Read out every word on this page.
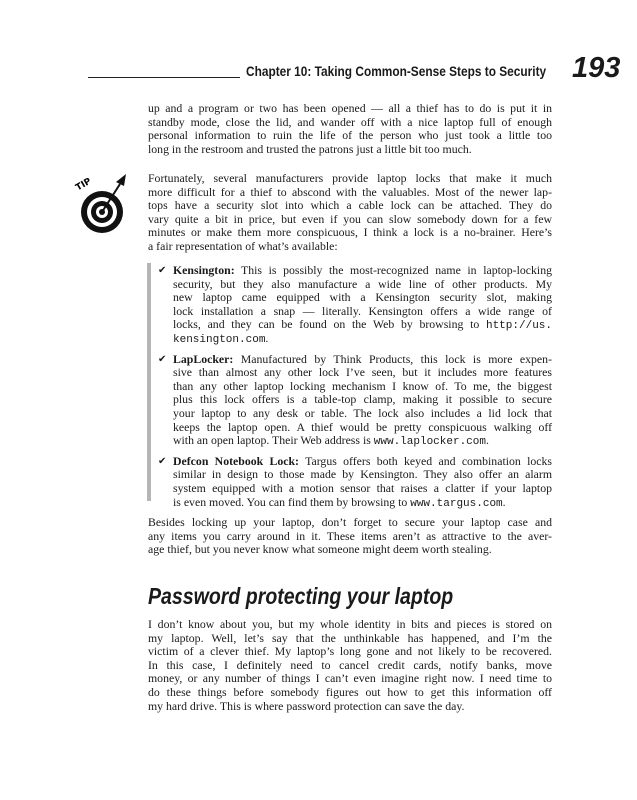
Chapter 10: Taking Common-Sense Steps to Security 193
up and a program or two has been opened — all a thief has to do is put it in
standby mode, close the lid, and wander off with a nice laptop full of enough
personal information to ruin the life of the person who just took a little too
long in the restroom and trusted the patrons just a little bit too much.
TIP	Fortunately, several manufacturers provide laptop locks that make it much
more difficult for a thief to abscond with the valuables. Most of the newer lap-
tops have a security slot into which a cable lock can be attached. They do
vary quite a bit in price, but even if you can slow somebody down for a few
minutes or make them more conspicuous, I think a lock is a no-brainer. Here’s
a fair representation of what’s available:
✔ Kensington: This is possibly the most-recognized name in laptop-locking
security, but they also manufacture a wide line of other products. My
new laptop came equipped with a Kensington security slot, making
lock installation a snap — literally. Kensington offers a wide range of
locks, and they can be found on the Web by browsing to http://us.
kensington.com.
✔ LapLocker: Manufactured by Think Products, this lock is more expen-
sive than almost any other lock I’ve seen, but it includes more features
than any other laptop locking mechanism I know of. To me, the biggest
plus this lock offers is a table-top clamp, making it possible to secure
your laptop to any desk or table. The lock also includes a lid lock that
keeps the laptop open. A thief would be pretty conspicuous walking off
with an open laptop. Their Web address is www.laplocker.com.
✔ Defcon Notebook Lock: Targus offers both keyed and combination locks
similar in design to those made by Kensington. They also offer an alarm
system equipped with a motion sensor that raises a clatter if your laptop
is even moved. You can find them by browsing to www.targus.com.
Besides locking up your laptop, don’t forget to secure your laptop case and
any items you carry around in it. These items aren’t as attractive to the aver-
age thief, but you never know what someone might deem worth stealing.
Password protecting your laptop
I don’t know about you, but my whole identity in bits and pieces is stored on
my laptop. Well, let’s say that the unthinkable has happened, and I’m the
victim of a clever thief. My laptop’s long gone and not likely to be recovered.
In this case, I definitely need to cancel credit cards, notify banks, move
money, or any number of things I can’t even imagine right now. I need time to
do these things before somebody figures out how to get this information off
my hard drive. This is where password protection can save the day.
